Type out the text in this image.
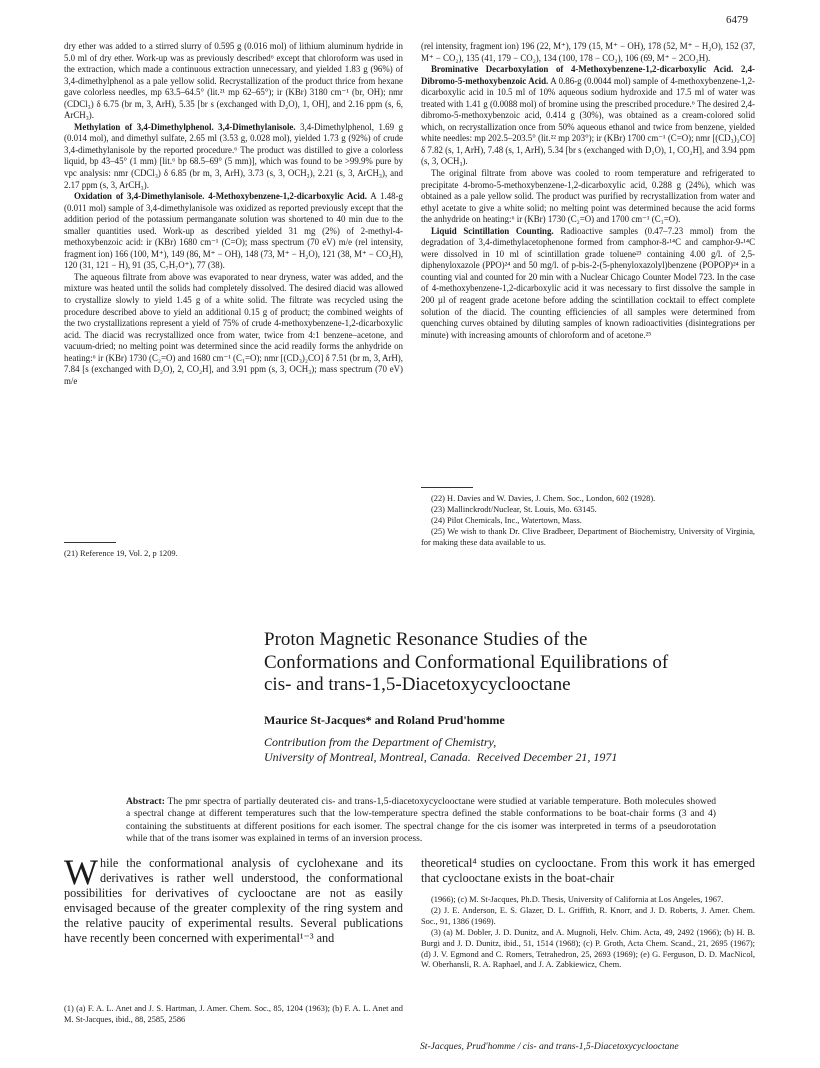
6479

dry ether was added to a stirred slurry of 0.595 g (0.016 mol) of lithium aluminum hydride in 5.0 ml of dry ether. Work-up was as previously described⁶ except that chloroform was used in the extraction, which made a continuous extraction unnecessary, and yielded 1.83 g (96%) of 3,4-dimethylphenol as a pale yellow solid. Recrystallization of the product thrice from hexane gave colorless needles, mp 63.5–64.5° (lit.²¹ mp 62–65°); ir (KBr) 3180 cm⁻¹ (br, OH); nmr (CDCl₃) δ 6.75 (br m, 3, ArH), 5.35 [br s (exchanged with D₂O), 1, OH], and 2.16 ppm (s, 6, ArCH₃).

Methylation of 3,4-Dimethylphenol. 3,4-Dimethylanisole. 3,4-Dimethylphenol, 1.69 g (0.014 mol), and dimethyl sulfate, 2.65 ml (3.53 g, 0.028 mol), yielded 1.73 g (92%) of crude 3,4-dimethylanisole by the reported procedure.⁶ The product was distilled to give a colorless liquid, bp 43–45° (1 mm) [lit.⁶ bp 68.5–69° (5 mm)], which was found to be >99.9% pure by vpc analysis: nmr (CDCl₃) δ 6.85 (br m, 3, ArH), 3.73 (s, 3, OCH₃), 2.21 (s, 3, ArCH₃), and 2.17 ppm (s, 3, ArCH₃).

Oxidation of 3,4-Dimethylanisole. 4-Methoxybenzene-1,2-dicarboxylic Acid. A 1.48-g (0.011 mol) sample of 3,4-dimethylanisole was oxidized as reported previously except that the addition period of the potassium permanganate solution was shortened to 40 min due to the smaller quantities used. Work-up as described yielded 31 mg (2%) of 2-methyl-4-methoxybenzoic acid: ir (KBr) 1680 cm⁻¹ (C=O); mass spectrum (70 eV) m/e (rel intensity, fragment ion) 166 (100, M⁺), 149 (86, M⁺ − OH), 148 (73, M⁺ − H₂O), 121 (38, M⁺ − CO₂H), 120 (31, 121 − H), 91 (35, C₇H₇O⁺), 77 (38).

The aqueous filtrate from above was evaporated to near dryness, water was added, and the mixture was heated until the solids had completely dissolved. The desired diacid was allowed to crystallize slowly to yield 1.45 g of a white solid. The filtrate was recycled using the procedure described above to yield an additional 0.15 g of product; the combined weights of the two crystallizations represent a yield of 75% of crude 4-methoxybenzene-1,2-dicarboxylic acid. The diacid was recrystallized once from water, twice from 4:1 benzene–acetone, and vacuum-dried; no melting point was determined since the acid readily forms the anhydride on heating:⁶ ir (KBr) 1730 (C₂=O) and 1680 cm⁻¹ (C₁=O); nmr [(CD₃)₂CO] δ 7.51 (br m, 3, ArH), 7.84 [s (exchanged with D₂O), 2, CO₂H], and 3.91 ppm (s, 3, OCH₃); mass spectrum (70 eV) m/e

(21) Reference 19, Vol. 2, p 1209.

(rel intensity, fragment ion) 196 (22, M⁺), 179 (15, M⁺ − OH), 178 (52, M⁺ − H₂O), 152 (37, M⁺ − CO₂), 135 (41, 179 − CO₂), 134 (100, 178 − CO₂), 106 (69, M⁺ − 2CO₂H).

Brominative Decarboxylation of 4-Methoxybenzene-1,2-dicarboxylic Acid. 2,4-Dibromo-5-methoxybenzoic Acid. A 0.86-g (0.0044 mol) sample of 4-methoxybenzene-1,2-dicarboxylic acid in 10.5 ml of 10% aqueous sodium hydroxide and 17.5 ml of water was treated with 1.41 g (0.0088 mol) of bromine using the prescribed procedure.⁶ The desired 2,4-dibromo-5-methoxybenzoic acid, 0.414 g (30%), was obtained as a cream-colored solid which, on recrystallization once from 50% aqueous ethanol and twice from benzene, yielded white needles: mp 202.5–203.5° (lit.²² mp 203°); ir (KBr) 1700 cm⁻¹ (C=O); nmr [(CD₃)₂CO] δ 7.82 (s, 1, ArH), 7.48 (s, 1, ArH), 5.34 [br s (exchanged with D₂O), 1, CO₂H], and 3.94 ppm (s, 3, OCH₃).

The original filtrate from above was cooled to room temperature and refrigerated to precipitate 4-bromo-5-methoxybenzene-1,2-dicarboxylic acid, 0.288 g (24%), which was obtained as a pale yellow solid. The product was purified by recrystallization from water and ethyl acetate to give a white solid; no melting point was determined because the acid forms the anhydride on heating:⁶ ir (KBr) 1730 (C₂=O) and 1700 cm⁻¹ (C₁=O).

Liquid Scintillation Counting. Radioactive samples (0.47–7.23 mmol) from the degradation of 3,4-dimethylacetophenone formed from camphor-8-¹⁴C and camphor-9-¹⁴C were dissolved in 10 ml of scintillation grade toluene²³ containing 4.00 g/l. of 2,5-diphenyloxazole (PPO)²⁴ and 50 mg/l. of p-bis-2-(5-phenyloxazolyl)benzene (POPOP)²⁴ in a counting vial and counted for 20 min with a Nuclear Chicago Counter Model 723. In the case of 4-methoxybenzene-1,2-dicarboxylic acid it was necessary to first dissolve the sample in 200 µl of reagent grade acetone before adding the scintillation cocktail to effect complete solution of the diacid. The counting efficiencies of all samples were determined from quenching curves obtained by diluting samples of known radioactivities (disintegrations per minute) with increasing amounts of chloroform and of acetone.²⁵

(22) H. Davies and W. Davies, J. Chem. Soc., London, 602 (1928).

(23) Mallinckrodt/Nuclear, St. Louis, Mo. 63145.

(24) Pilot Chemicals, Inc., Watertown, Mass.

(25) We wish to thank Dr. Clive Bradbeer, Department of Biochemistry, University of Virginia, for making these data available to us.

Proton Magnetic Resonance Studies of the Conformations and Conformational Equilibrations of cis- and trans-1,5-Diacetoxycyclooctane
Maurice St-Jacques* and Roland Prud'homme
Contribution from the Department of Chemistry,
University of Montreal, Montreal, Canada. Received December 21, 1971
Abstract: The pmr spectra of partially deuterated cis- and trans-1,5-diacetoxycyclooctane were studied at variable temperature. Both molecules showed a spectral change at different temperatures such that the low-temperature spectra defined the stable conformations to be boat-chair forms (3 and 4) containing the substituents at different positions for each isomer. The spectral change for the cis isomer was interpreted in terms of a pseudorotation while that of the trans isomer was explained in terms of an inversion process.
While the conformational analysis of cyclohexane and its derivatives is rather well understood, the conformational possibilities for derivatives of cyclooctane are not as easily envisaged because of the greater complexity of the ring system and the relative paucity of experimental results. Several publications have recently been concerned with experimental¹⁻³ and
(1) (a) F. A. L. Anet and J. S. Hartman, J. Amer. Chem. Soc., 85, 1204 (1963); (b) F. A. L. Anet and M. St-Jacques, ibid., 88, 2585, 2586
theoretical⁴ studies on cyclooctane. From this work it has emerged that cyclooctane exists in the boat-chair

(1966); (c) M. St-Jacques, Ph.D. Thesis, University of California at Los Angeles, 1967.

(2) J. E. Anderson, E. S. Glazer, D. L. Griffith, R. Knorr, and J. D. Roberts, J. Amer. Chem. Soc., 91, 1386 (1969).

(3) (a) M. Dobler, J. D. Dunitz, and A. Mugnoli, Helv. Chim. Acta, 49, 2492 (1966); (b) H. B. Burgi and J. D. Dunitz, ibid., 51, 1514 (1968); (c) P. Groth, Acta Chem. Scand., 21, 2695 (1967); (d) J. V. Egmond and C. Romers, Tetrahedron, 25, 2693 (1969); (e) G. Ferguson, D. D. MacNicol, W. Oberhansli, R. A. Raphael, and J. A. Zabkiewicz, Chem.

St-Jacques, Prud'homme / cis- and trans-1,5-Diacetoxycyclooctane
